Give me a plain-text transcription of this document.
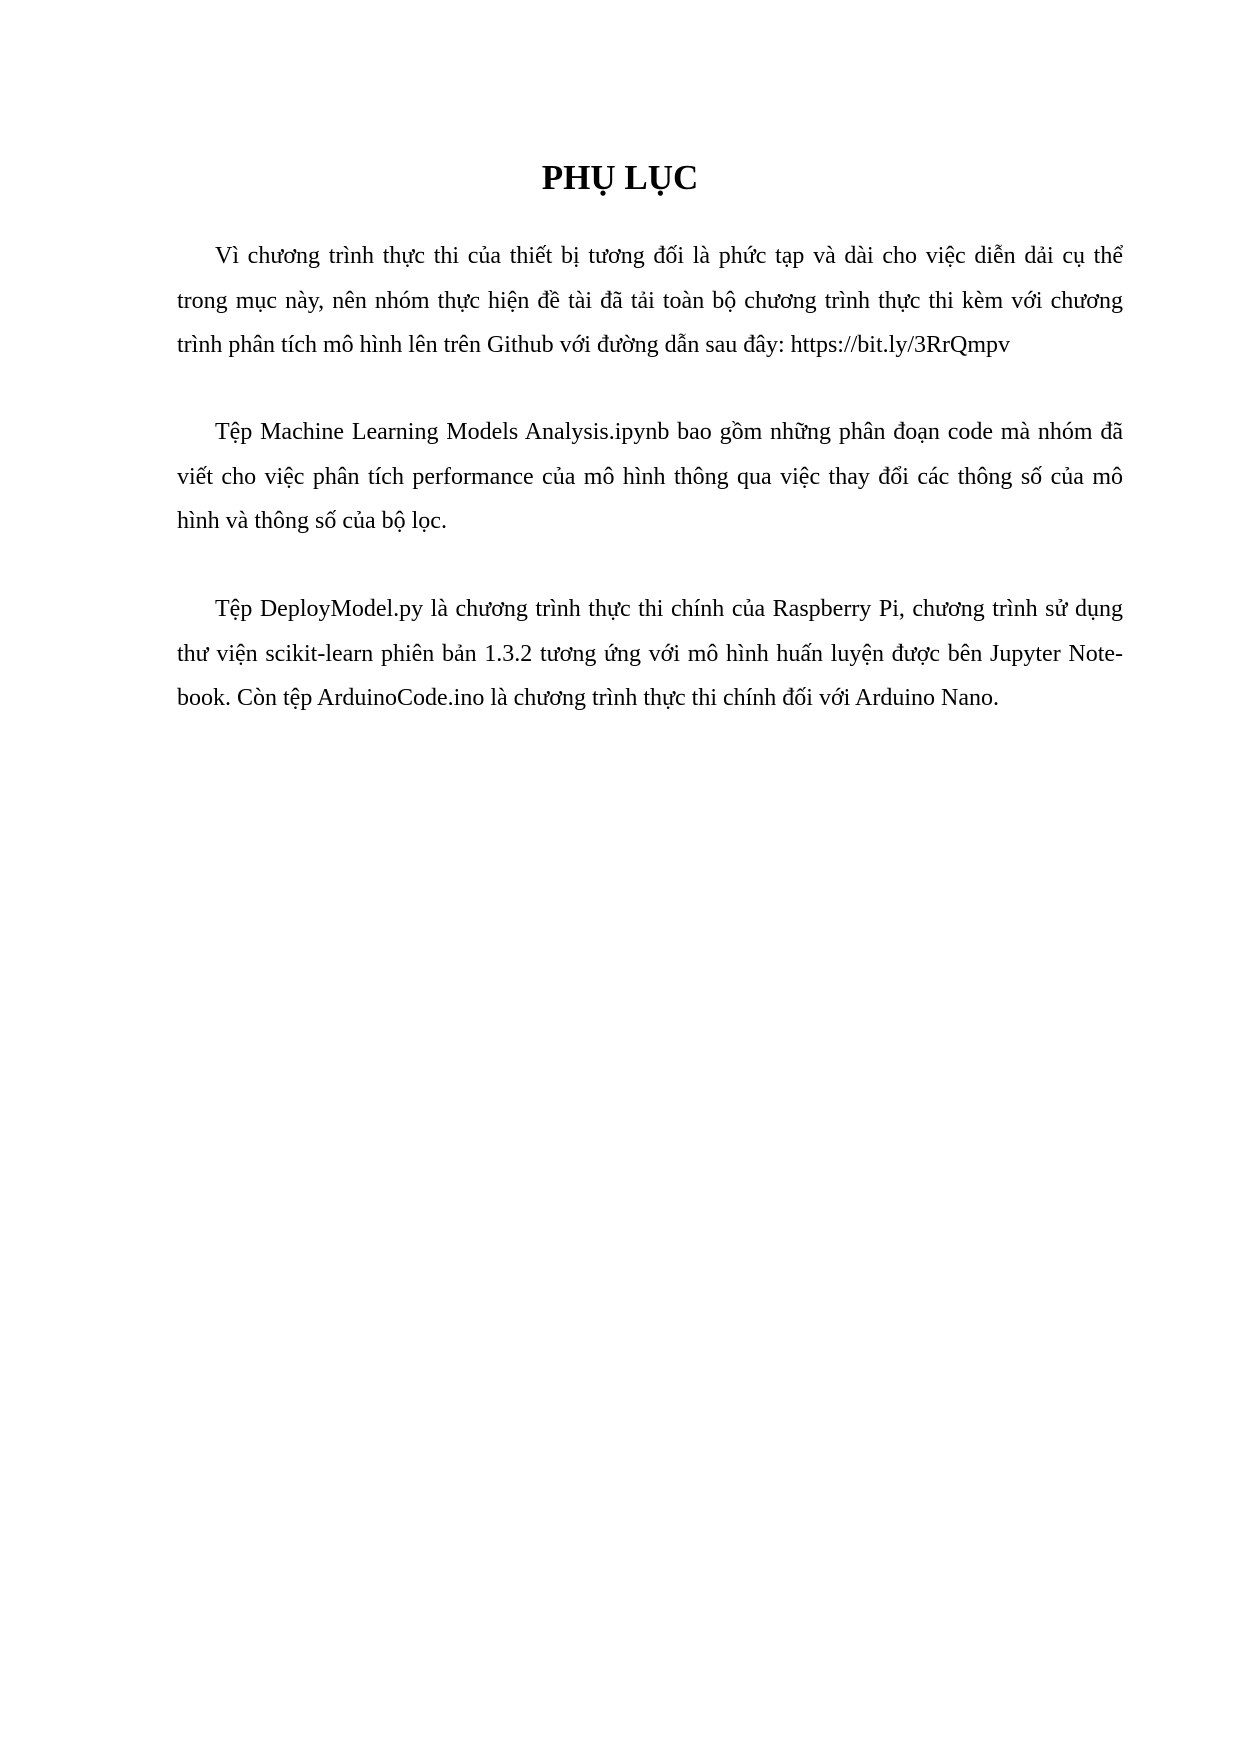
PHỤ LỤC

Vì chương trình thực thi của thiết bị tương đối là phức tạp và dài cho việc diễn dải cụ thể trong mục này, nên nhóm thực hiện đề tài đã tải toàn bộ chương trình thực thi kèm với chương trình phân tích mô hình lên trên Github với đường dẫn sau đây: https://bit.ly/3RrQmpv

Tệp Machine Learning Models Analysis.ipynb bao gồm những phân đoạn code mà nhóm đã viết cho việc phân tích performance của mô hình thông qua việc thay đổi các thông số của mô hình và thông số của bộ lọc.

Tệp DeployModel.py là chương trình thực thi chính của Raspberry Pi, chương trình sử dụng thư viện scikit-learn phiên bản 1.3.2 tương ứng với mô hình huấn luyện được bên Jupyter Note-book. Còn tệp ArduinoCode.ino là chương trình thực thi chính đối với Arduino Nano.
